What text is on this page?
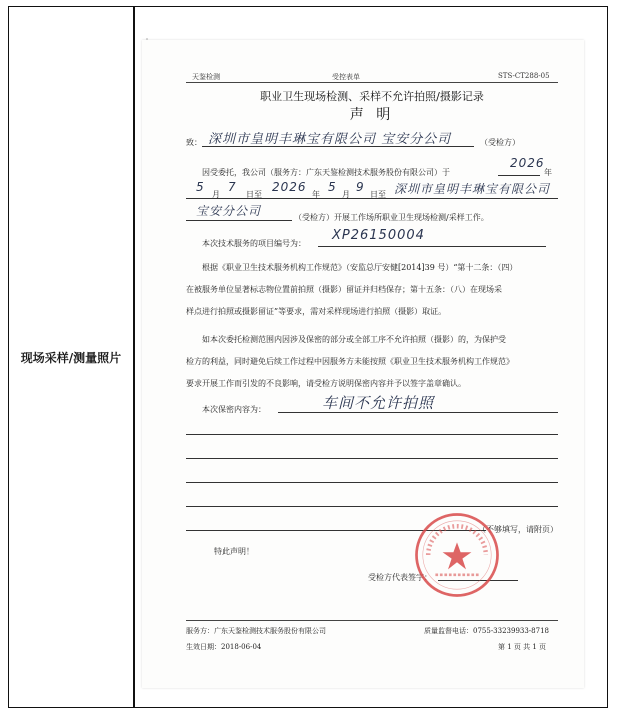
现场采样/测量照片
天鉴检测	受控表单	STS-CT288-05
职业卫生现场检测、采样不允许拍照/摄影记录
声 明
致： 深圳市皇明丰琳宝有限公司 宝安分公司	（受检方）
因受委托，我公司（服务方：广东天鉴检测技术服务股份有限公司）于
2026
年
5
月
7
日至
2026
年
5
月
9
日至 深圳市皇明丰琳宝有限公司
宝安分公司	（受检方）开展工作场所职业卫生现场检测/采样工作。
本次技术服务的项目编号为：
XP26150004
根据《职业卫生技术服务机构工作规范》（安监总厅安健[2014]39 号）“第十二条：（四）
在被服务单位显著标志物位置前拍照（摄影）留证并归档保存；第十五条：（八）在现场采
样点进行拍照或摄影留证”等要求，需对采样现场进行拍照（摄影）取证。
如本次委托检测范围内因涉及保密的部分或全部工序不允许拍照（摄影）的，为保护受
检方的利益，同时避免后续工作过程中因服务方未能按照《职业卫生技术服务机构工作规范》
要求开展工作而引发的不良影响，请受检方说明保密内容并予以签字盖章确认。
本次保密内容为：	车间不允许拍照
（不够填写，请附页）
特此声明！
受检方代表签字：
服务方：广东天鉴检测技术服务股份有限公司	质量监督电话：0755-33239933-8718
生效日期：2018-06-04	第 1 页 共 1 页
